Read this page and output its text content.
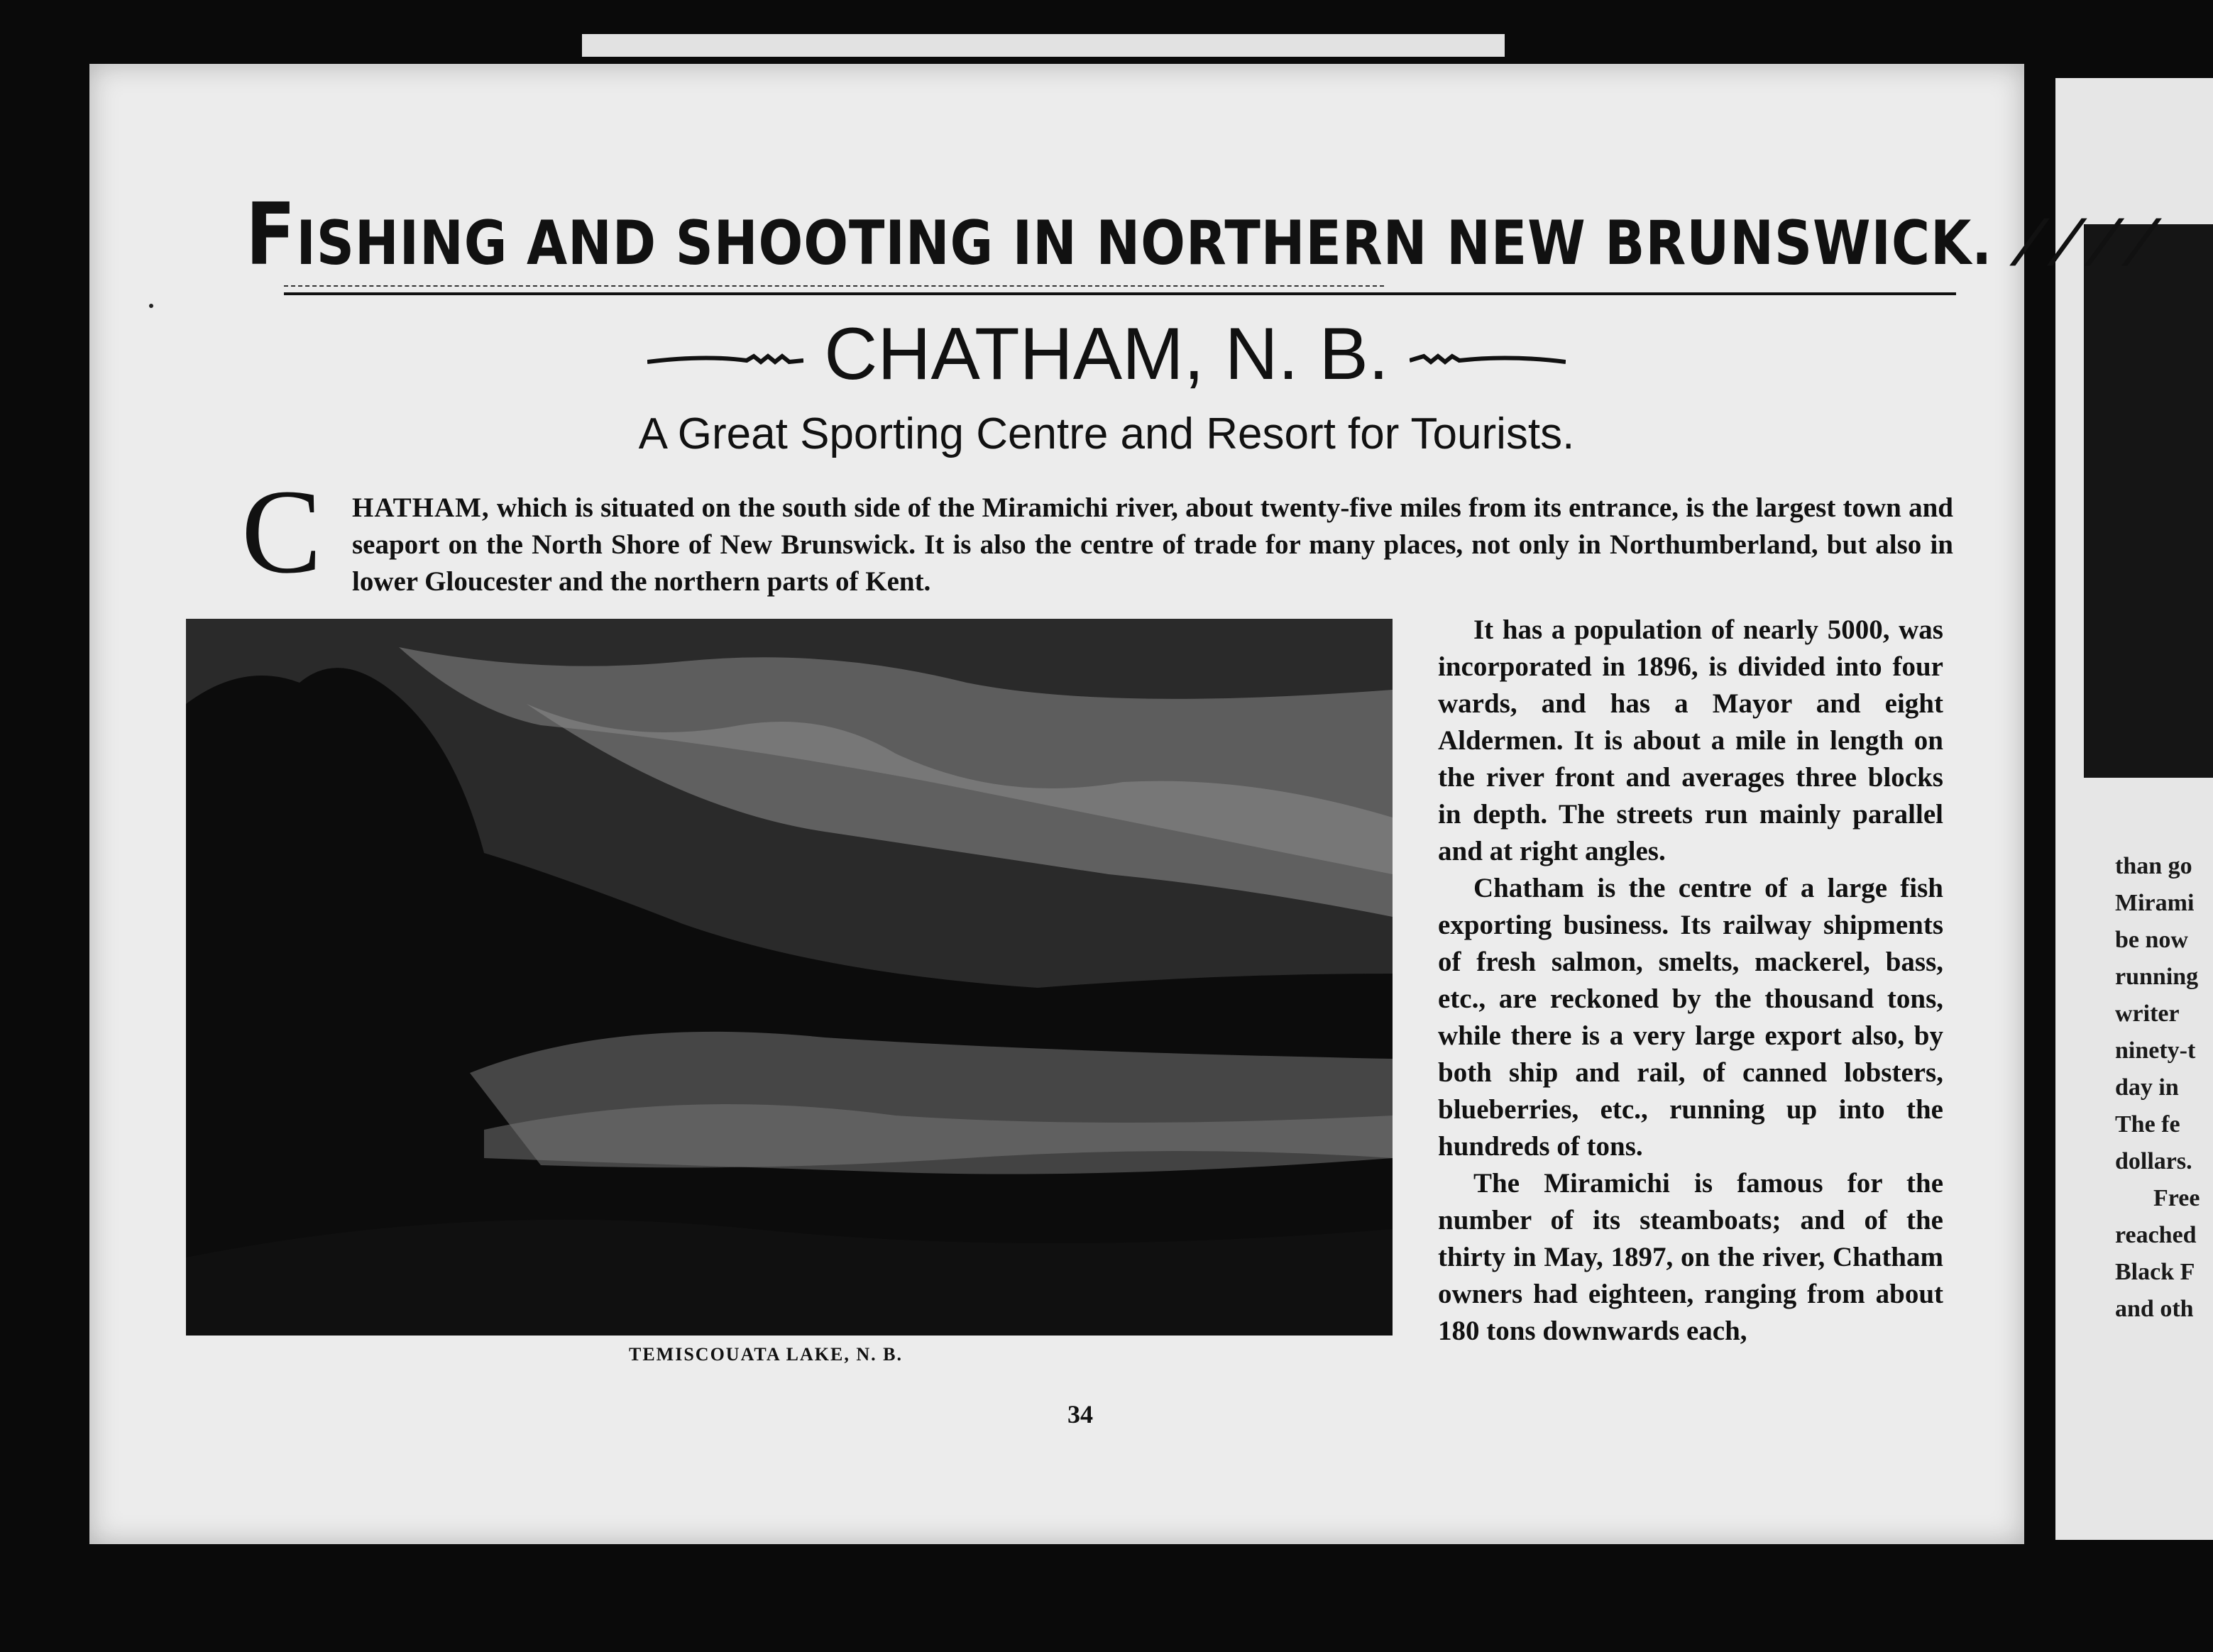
than go
Mirami
be now
running
writer
ninety-t
day in
The fe
dollars.
Free
reached
Black F
and oth
FISHING AND SHOOTING IN NORTHERN NEW BRUNSWICK. ⟋⟋⟋⟋
CHATHAM, N. B.
A Great Sporting Centre and Resort for Tourists.
C HATHAM, which is situated on the south side of the Miramichi river, about twenty-five miles from its entrance, is the largest town and seaport on the North Shore of New Brunswick. It is also the centre of trade for many places, not only in Northumberland, but also in lower Gloucester and the northern parts of Kent.

TEMISCOUATA LAKE, N. B.

It has a population of nearly 5000, was incorporated in 1896, is divided into four wards, and has a Mayor and eight Aldermen. It is about a mile in length on the river front and averages three blocks in depth. The streets run mainly parallel and at right angles.

Chatham is the centre of a large fish exporting business. Its railway shipments of fresh salmon, smelts, mackerel, bass, etc., are reckoned by the thousand tons, while there is a very large export also, by both ship and rail, of canned lobsters, blueberries, etc., running up into the hundreds of tons.

The Miramichi is famous for the number of its steamboats; and of the thirty in May, 1897, on the river, Chatham owners had eighteen, ranging from about 180 tons downwards each,

34
